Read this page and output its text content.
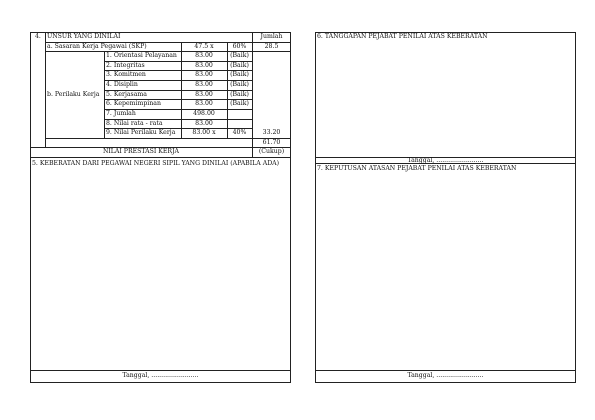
4. UNSUR YANG DINILAI	Jumlah
a. Sasaran Kerja Pegawai (SKP)	47.5 x	60%	28.5
b. Perilaku Kerja
1. Orientasi Pelayanan	83.00	(Baik)
2. Integritas	83.00	(Baik)
3. Komitmen	83.00	(Baik)
4. Disiplin	83.00	(Baik)
5. Kerjasama	83.00	(Baik)
6. Kepemimpinan	83.00	(Baik)
7. Jumlah	498.00
8. Nilai rata - rata	83.00
9. Nilai Perilaku Kerja	83.00 x	40%	33.20
61.70
NILAI PRESTASI KERJA	(Cukup)
5. KEBERATAN DARI PEGAWAI NEGERI SIPIL YANG DINILAI (APABILA ADA)
Tanggal, ........................
6. TANGGAPAN PEJABAT PENILAI ATAS KEBERATAN
Tanggal, ........................
7. KEPUTUSAN ATASAN PEJABAT PENILAI ATAS KEBERATAN
Tanggal, ........................
